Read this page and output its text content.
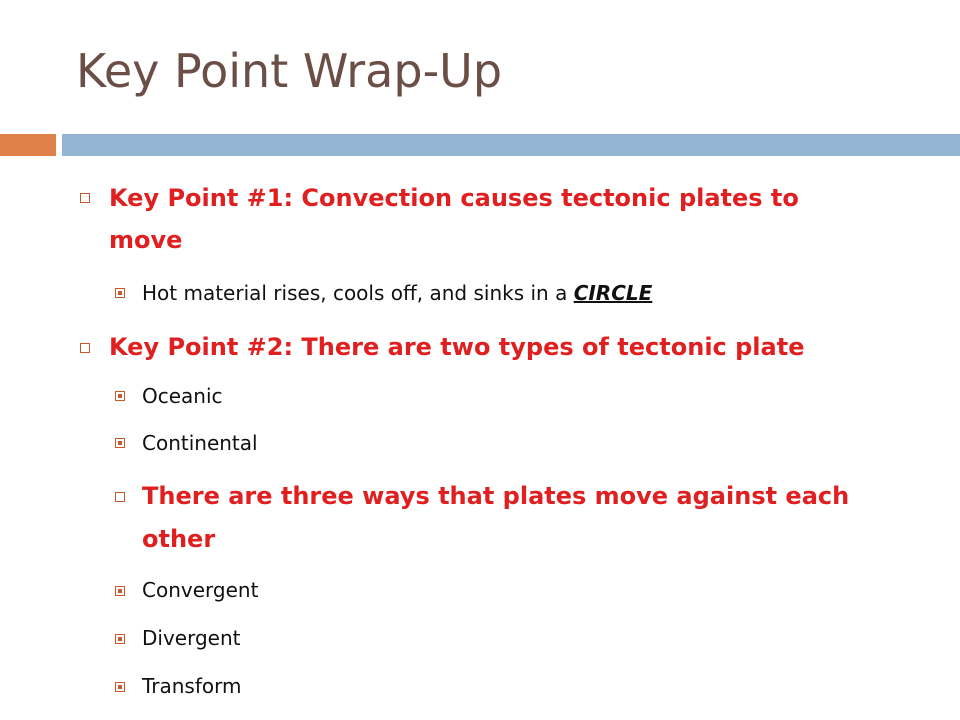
Key Point Wrap-Up
Key Point #1: Convection causes tectonic plates to
move
Hot material rises, cools off, and sinks in a CIRCLE
Key Point #2: There are two types of tectonic plate
Oceanic
Continental
There are three ways that plates move against each
other
Convergent
Divergent
Transform
